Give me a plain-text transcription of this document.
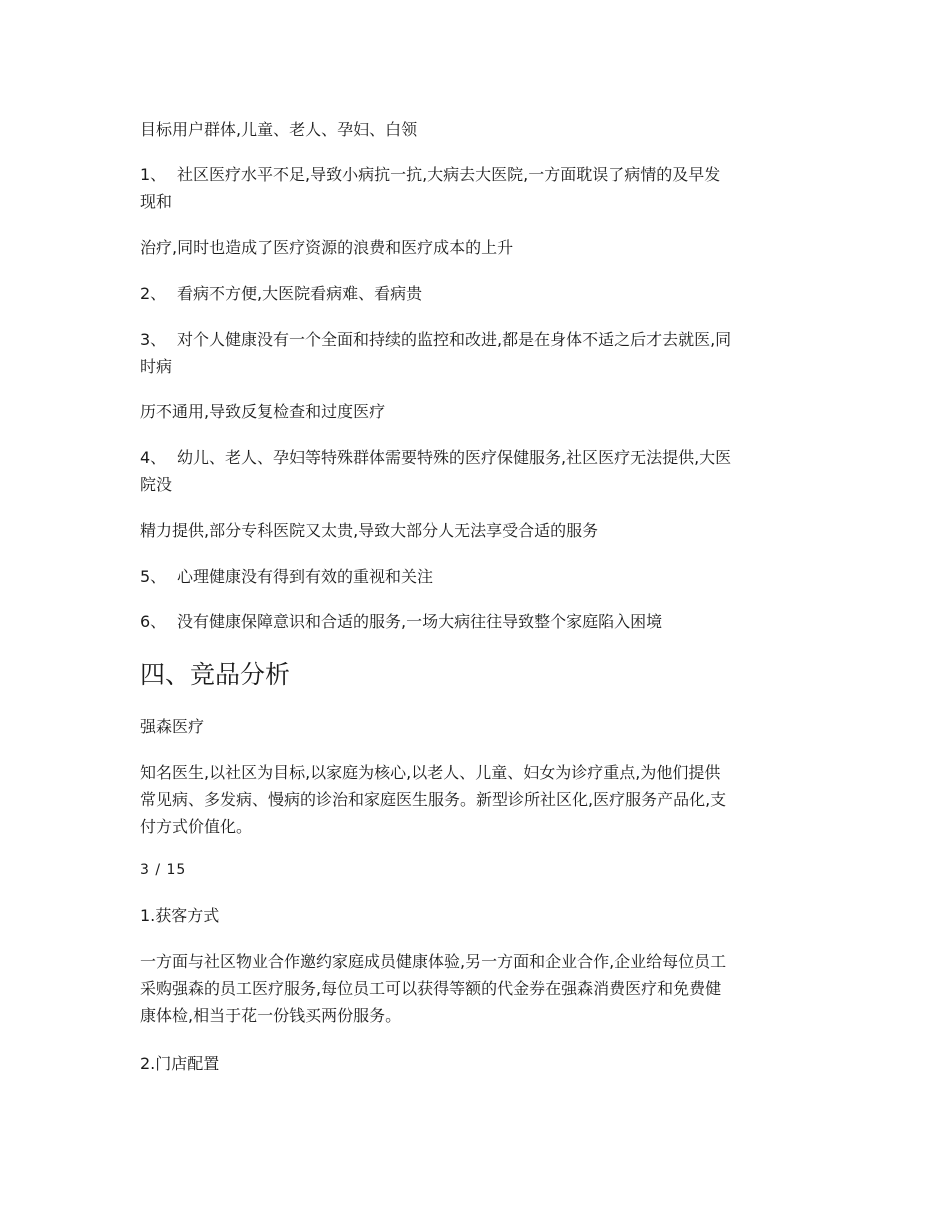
目标用户群体,儿童、老人、孕妇、白领
1、 社区医疗水平不足,导致小病抗一抗,大病去大医院,一方面耽误了病情的及早发
现和
治疗,同时也造成了医疗资源的浪费和医疗成本的上升
2、 看病不方便,大医院看病难、看病贵
3、 对个人健康没有一个全面和持续的监控和改进,都是在身体不适之后才去就医,同
时病
历不通用,导致反复检查和过度医疗
4、 幼儿、老人、孕妇等特殊群体需要特殊的医疗保健服务,社区医疗无法提供,大医
院没
精力提供,部分专科医院又太贵,导致大部分人无法享受合适的服务
5、 心理健康没有得到有效的重视和关注
6、 没有健康保障意识和合适的服务,一场大病往往导致整个家庭陷入困境
四、竞品分析
强森医疗
知名医生,以社区为目标,以家庭为核心,以老人、儿童、妇女为诊疗重点,为他们提供
常见病、多发病、慢病的诊治和家庭医生服务。新型诊所社区化,医疗服务产品化,支
付方式价值化。
3 / 15
1.获客方式
一方面与社区物业合作邀约家庭成员健康体验,另一方面和企业合作,企业给每位员工
采购强森的员工医疗服务,每位员工可以获得等额的代金券在强森消费医疗和免费健
康体检,相当于花一份钱买两份服务。
2.门店配置
